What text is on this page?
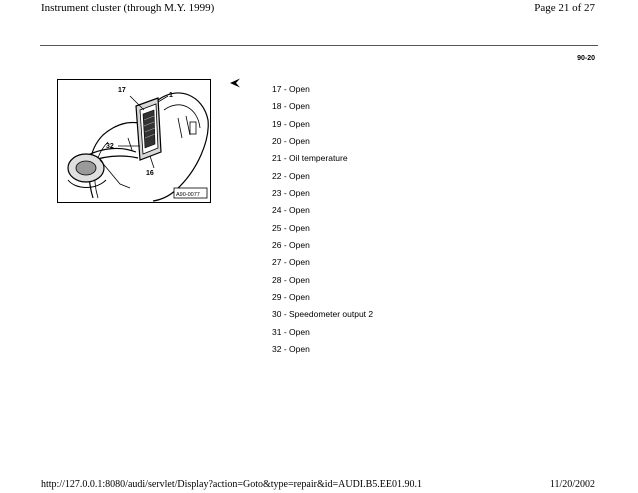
Instrument cluster (through M.Y. 1999)	Page 21 of 27
90-20
17
1
32
16
A90-0077
17 - Open
18 - Open
19 - Open
20 - Open
21 - Oil temperature
22 - Open
23 - Open
24 - Open
25 - Open
26 - Open
27 - Open
28 - Open
29 - Open
30 - Speedometer output 2
31 - Open
32 - Open
http://127.0.0.1:8080/audi/servlet/Display?action=Goto&type=repair&id=AUDI.B5.EE01.90.1	11/20/2002
